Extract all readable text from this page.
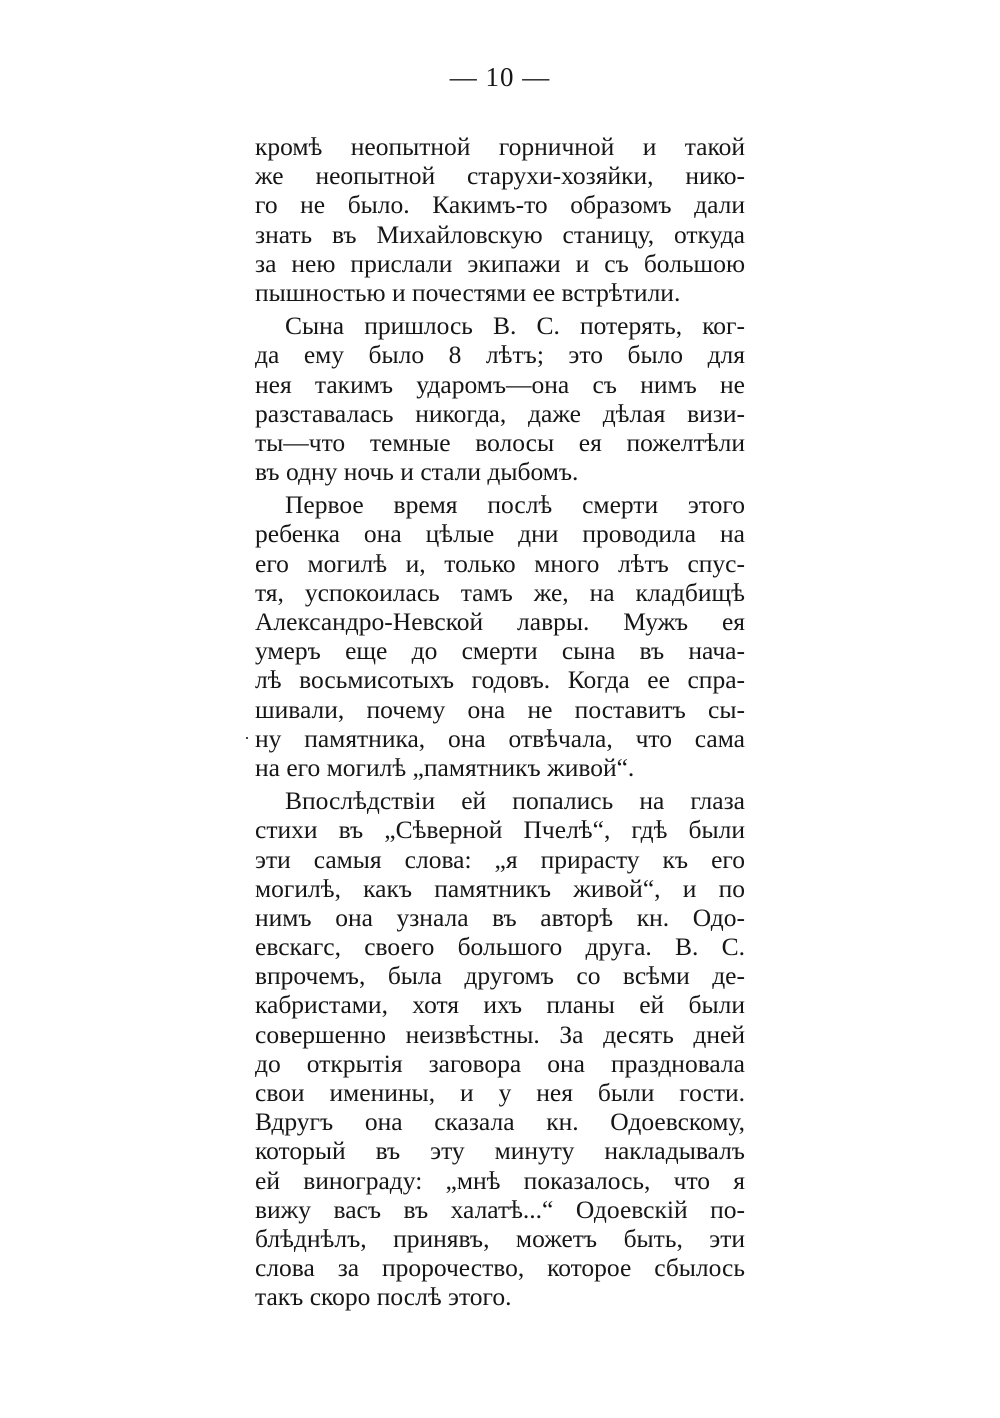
— 10 —
кромѣ неопытной горничной и такой
же неопытной старухи-хозяйки, нико-
го не было. Какимъ-то образомъ дали
знать въ Михайловскую станицу, откуда
за нею прислали экипажи и съ большою
пышностью и почестями ее встрѣтили.
Сына пришлось В. С. потерять, ког-
да ему было 8 лѣтъ; это было для
нея такимъ ударомъ—она съ нимъ не
разставалась никогда, даже дѣлая визи-
ты—что темные волосы ея пожелтѣли
въ одну ночь и стали дыбомъ.
Первое время послѣ смерти этого
ребенка она цѣлые дни проводила на
его могилѣ и, только много лѣтъ спус-
тя, успокоилась тамъ же, на кладбищѣ
Александро-Невской лавры. Мужъ ея
умеръ еще до смерти сына въ нача-
лѣ восьмисотыхъ годовъ. Когда ее спра-
шивали, почему она не поставитъ сы-
ну памятника, она отвѣчала, что сама
на его могилѣ „памятникъ живой“.
Впослѣдствіи ей попались на глаза
стихи въ „Сѣверной Пчелѣ“, гдѣ были
эти самыя слова: „я прирасту къ его
могилѣ, какъ памятникъ живой“, и по
нимъ она узнала въ авторѣ кн. Одо-
евскагс, своего большого друга. В. С.
впрочемъ, была другомъ со всѣми де-
кабристами, хотя ихъ планы ей были
совершенно неизвѣстны. За десять дней
до открытія заговора она праздновала
свои именины, и у нея были гости.
Вдругъ она сказала кн. Одоевскому,
который въ эту минуту накладывалъ
ей винограду: „мнѣ показалось, что я
вижу васъ въ халатѣ...“ Одоевскій по-
блѣднѣлъ, принявъ, можетъ быть, эти
слова за пророчество, которое сбылось
такъ скоро послѣ этого.
